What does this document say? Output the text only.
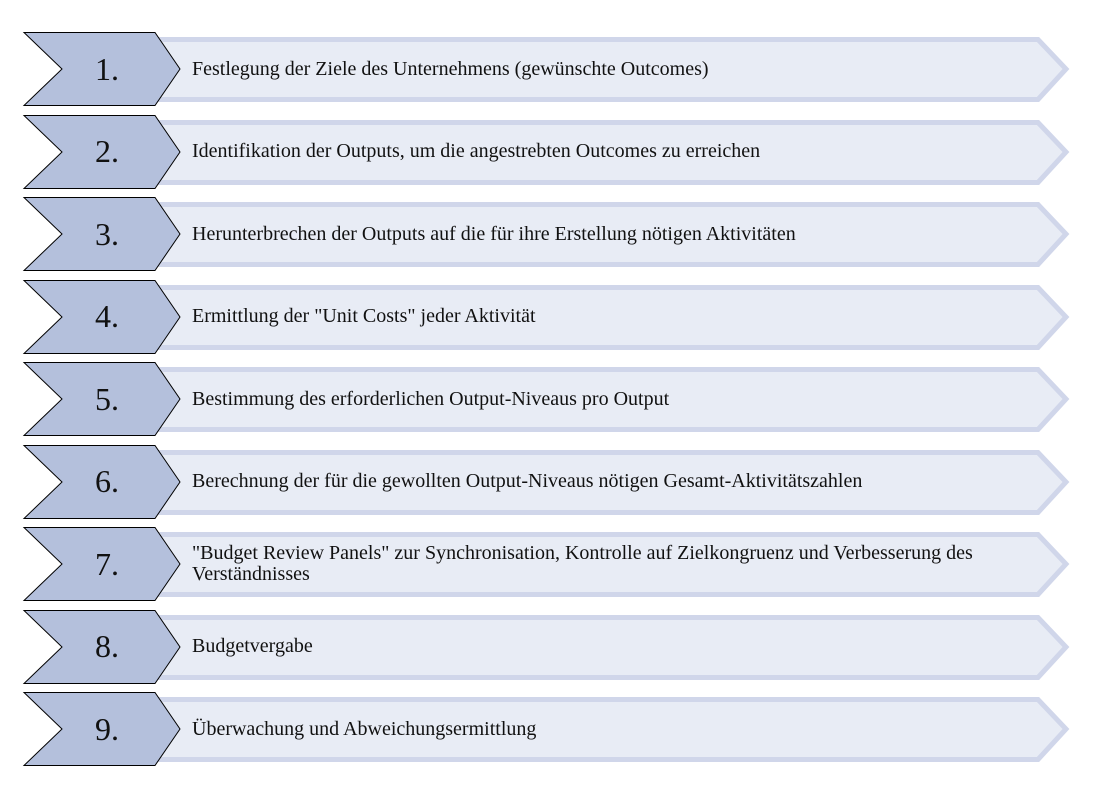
1.	Festlegung der Ziele des Unternehmens (gewünschte Outcomes)
2.	Identifikation der Outputs, um die angestrebten Outcomes zu erreichen
3.	Herunterbrechen der Outputs auf die für ihre Erstellung nötigen Aktivitäten
4.	Ermittlung der "Unit Costs" jeder Aktivität
5.	Bestimmung des erforderlichen Output-Niveaus pro Output
6.	Berechnung der für die gewollten Output-Niveaus nötigen Gesamt-Aktivitätszahlen
7.	"Budget Review Panels" zur Synchronisation, Kontrolle auf Zielkongruenz und Verbesserung des Verständnisses
8.	Budgetvergabe
9.	Überwachung und Abweichungsermittlung
